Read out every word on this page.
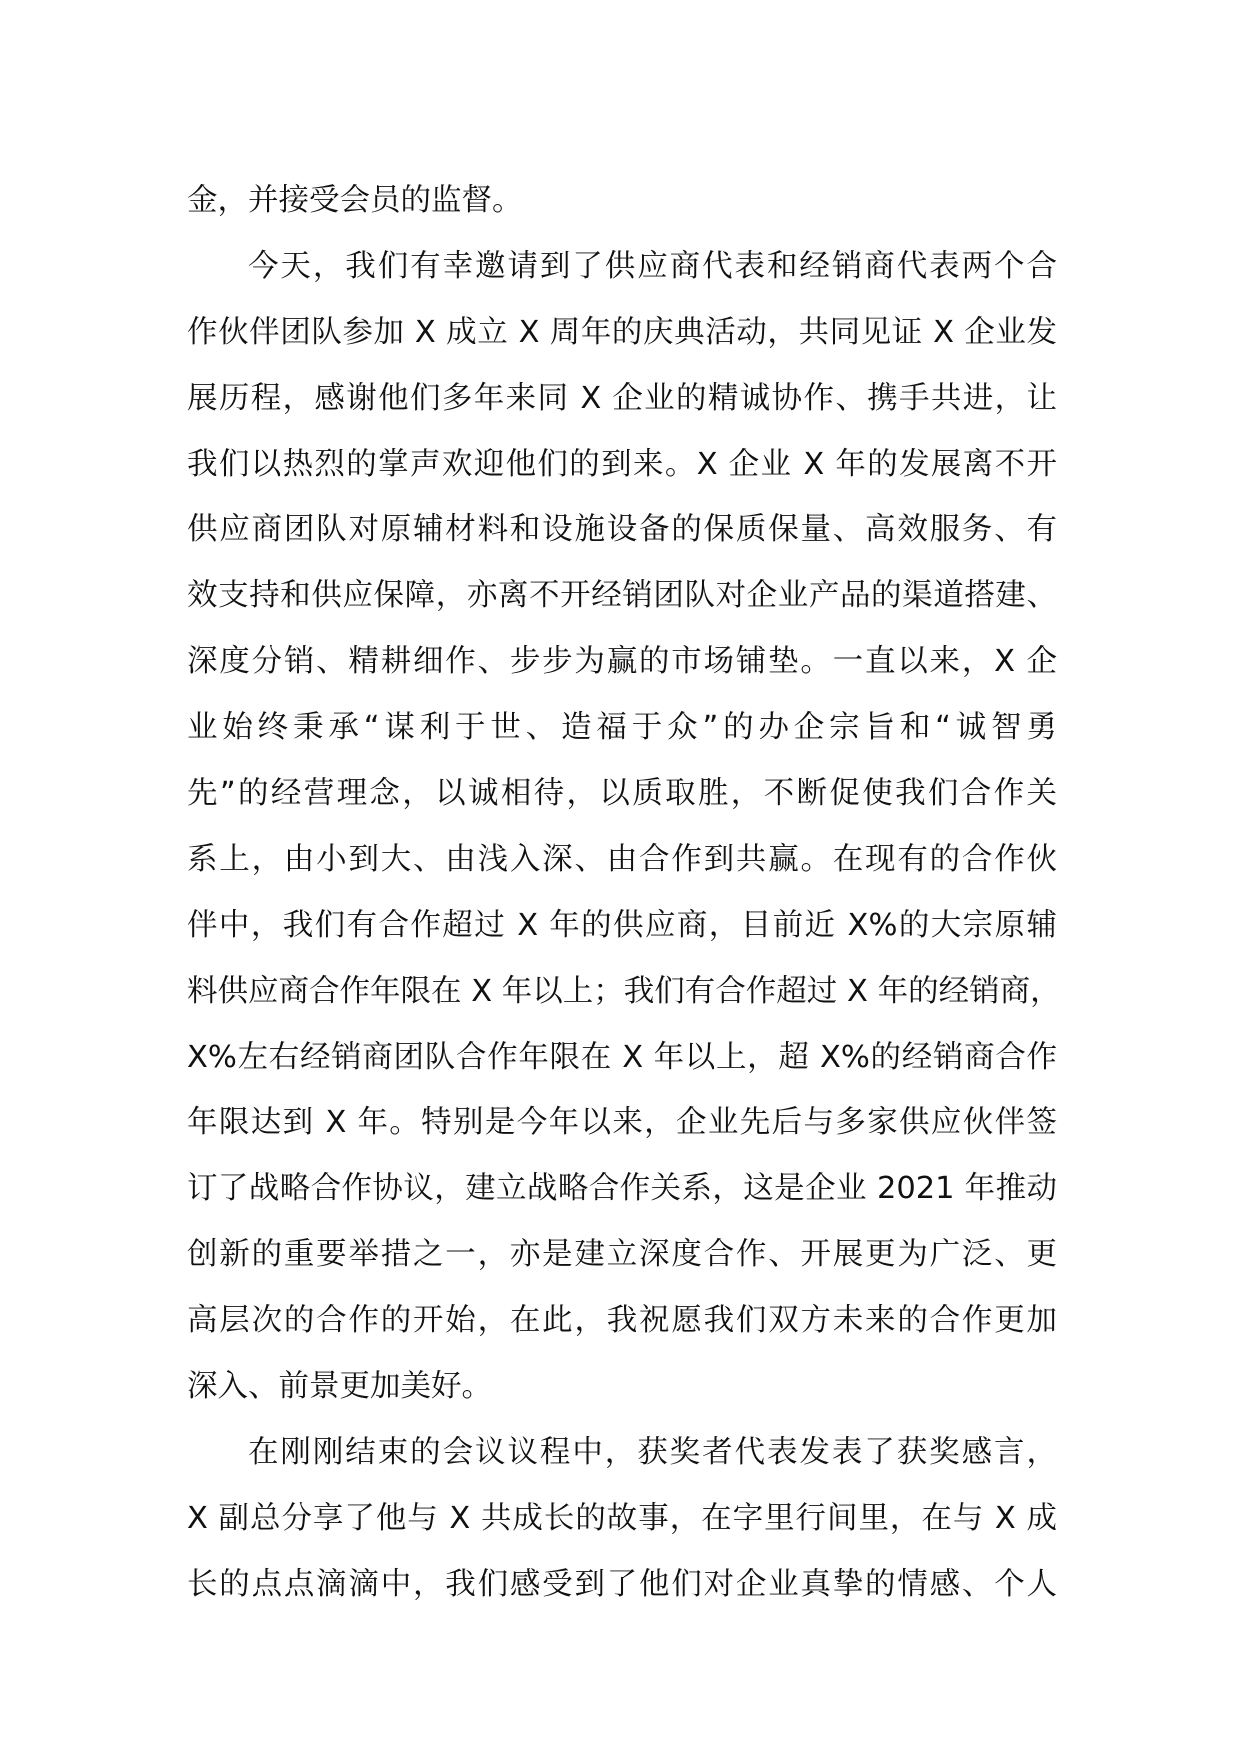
金，并接受会员的监督。
今天，我们有幸邀请到了供应商代表和经销商代表两个合
作伙伴团队参加 X 成立 X 周年的庆典活动，共同见证 X 企业发
展历程，感谢他们多年来同 X 企业的精诚协作、携手共进，让
我们以热烈的掌声欢迎他们的到来。X 企业 X 年的发展离不开
供应商团队对原辅材料和设施设备的保质保量、高效服务、有
效支持和供应保障，亦离不开经销团队对企业产品的渠道搭建、
深度分销、精耕细作、步步为赢的市场铺垫。一直以来，X 企
业始终秉承“谋利于世、造福于众”的办企宗旨和“诚智勇
先”的经营理念，以诚相待，以质取胜，不断促使我们合作关
系上，由小到大、由浅入深、由合作到共赢。在现有的合作伙
伴中，我们有合作超过 X 年的供应商，目前近 X%的大宗原辅
料供应商合作年限在 X 年以上；我们有合作超过 X 年的经销商，
X%左右经销商团队合作年限在 X 年以上，超 X%的经销商合作
年限达到 X 年。特别是今年以来，企业先后与多家供应伙伴签
订了战略合作协议，建立战略合作关系，这是企业 2021 年推动
创新的重要举措之一，亦是建立深度合作、开展更为广泛、更
高层次的合作的开始，在此，我祝愿我们双方未来的合作更加
深入、前景更加美好。
在刚刚结束的会议议程中，获奖者代表发表了获奖感言，
X 副总分享了他与 X 共成长的故事，在字里行间里，在与 X 成
长的点点滴滴中，我们感受到了他们对企业真挚的情感、个人
